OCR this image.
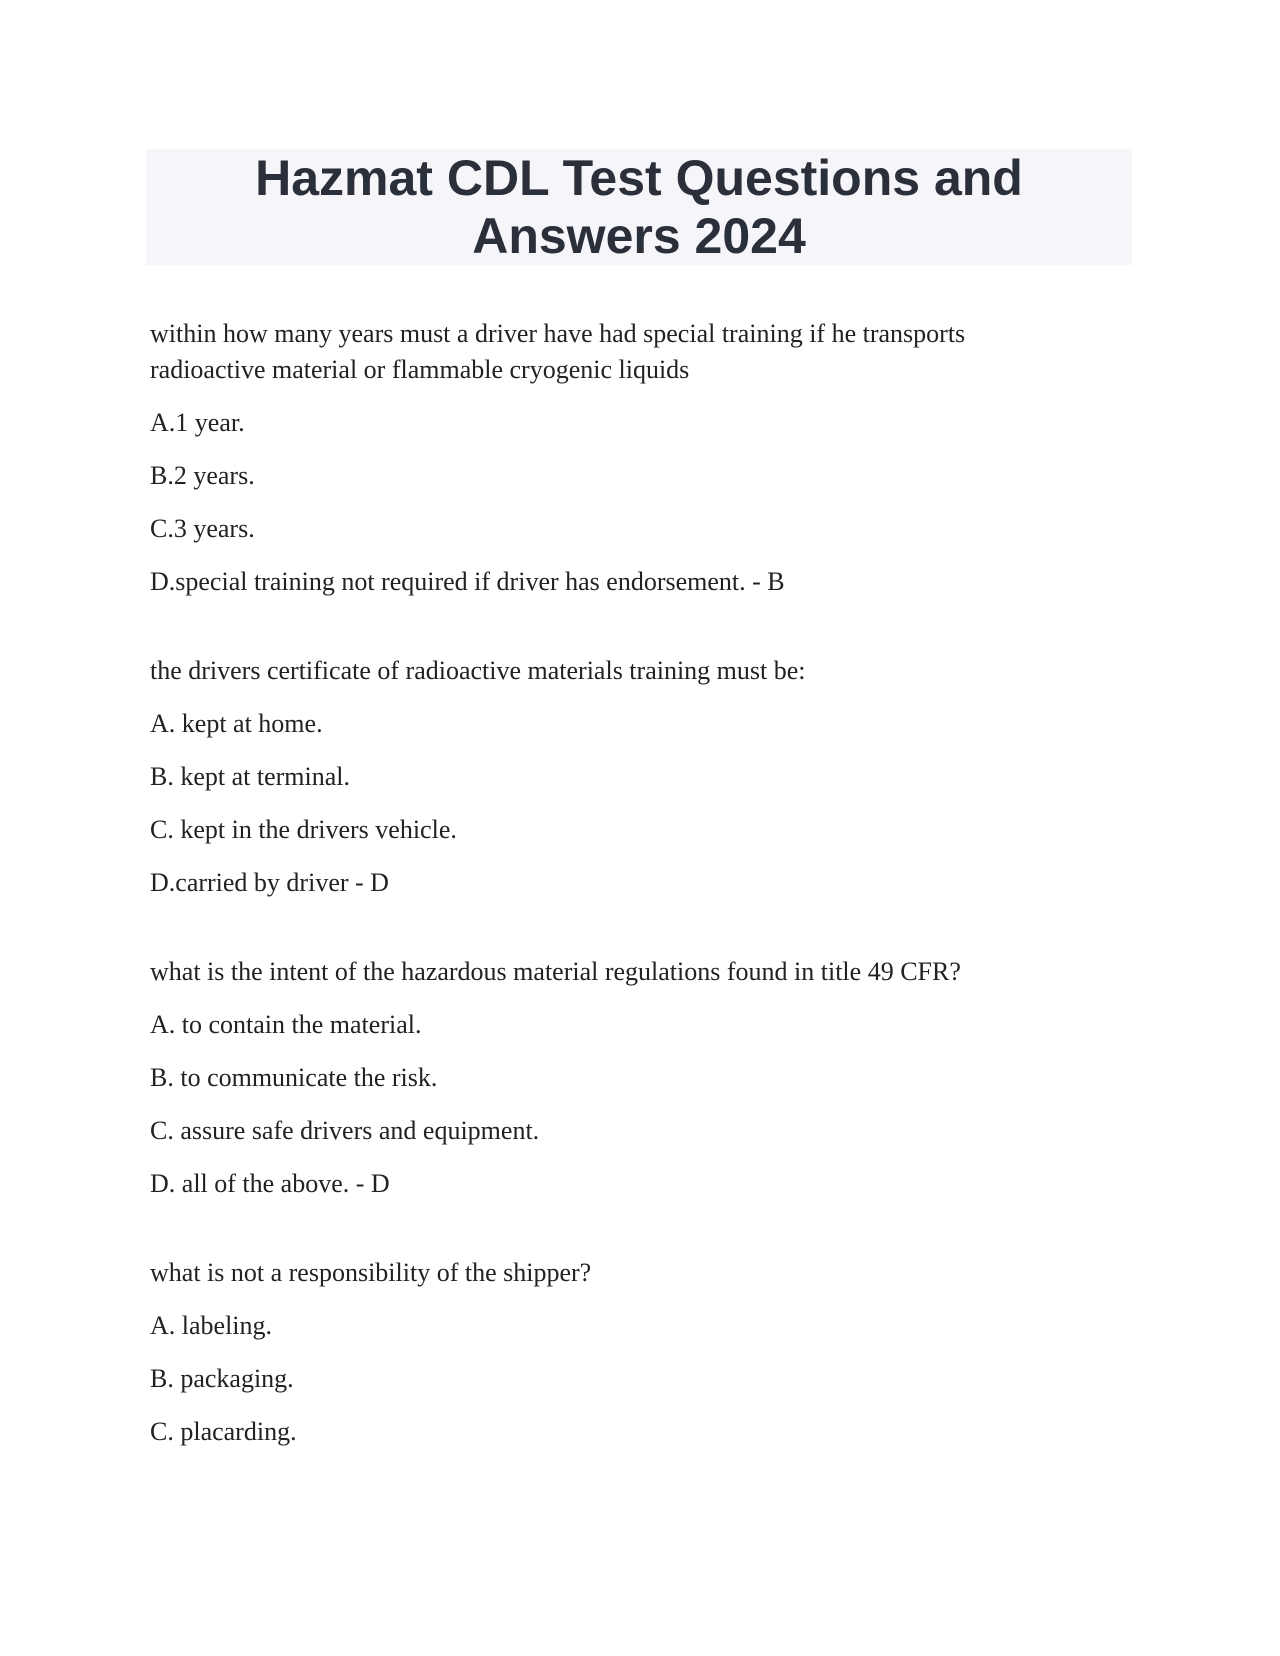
Hazmat CDL Test Questions and Answers 2024

within how many years must a driver have had special training if he transports radioactive material or flammable cryogenic liquids

A.1 year.

B.2 years.

C.3 years.

D.special training not required if driver has endorsement. - B

the drivers certificate of radioactive materials training must be:

A. kept at home.

B. kept at terminal.

C. kept in the drivers vehicle.

D.carried by driver - D

what is the intent of the hazardous material regulations found in title 49 CFR?

A. to contain the material.

B. to communicate the risk.

C. assure safe drivers and equipment.

D. all of the above. - D

what is not a responsibility of the shipper?

A. labeling.

B. packaging.

C. placarding.
